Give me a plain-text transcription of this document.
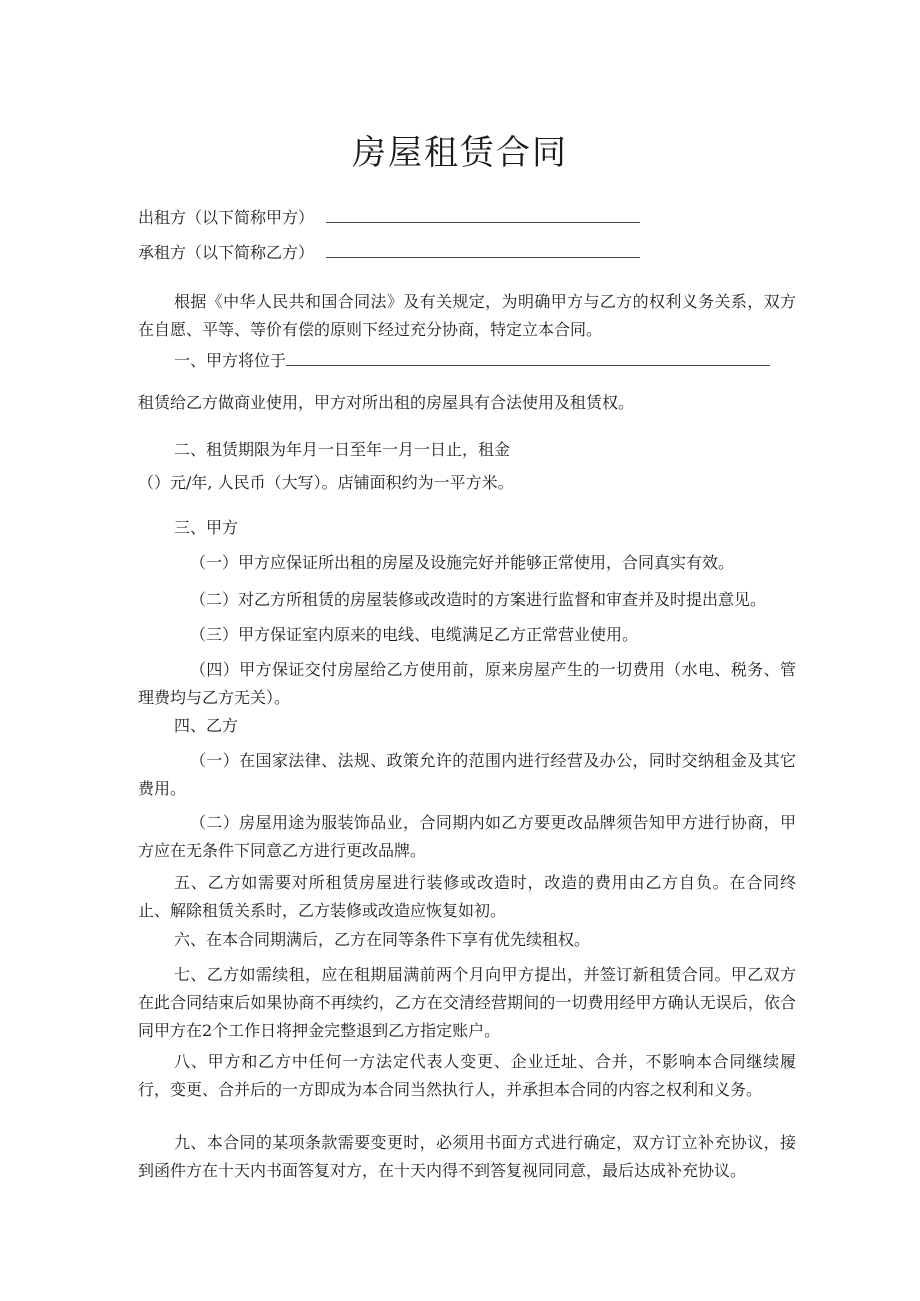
房屋租赁合同
出租方（以下简称甲方）
承租方（以下简称乙方）
根据《中华人民共和国合同法》及有关规定，为明确甲方与乙方的权利义务关系，双方在自愿、平等、等价有偿的原则下经过充分协商，特定立本合同。
一、甲方将位于
租赁给乙方做商业使用，甲方对所出租的房屋具有合法使用及租赁权。
二、租赁期限为年月一日至年一月一日止，租金
（）元/年, 人民币（大写）。店铺面积约为一平方米。
三、甲方
（一）甲方应保证所出租的房屋及设施完好并能够正常使用，合同真实有效。
（二）对乙方所租赁的房屋装修或改造时的方案进行监督和审查并及时提出意见。
（三）甲方保证室内原来的电线、电缆满足乙方正常营业使用。
（四）甲方保证交付房屋给乙方使用前，原来房屋产生的一切费用（水电、税务、管理费均与乙方无关）。
四、乙方
（一）在国家法律、法规、政策允许的范围内进行经营及办公，同时交纳租金及其它费用。
（二）房屋用途为服装饰品业，合同期内如乙方要更改品牌须告知甲方进行协商，甲方应在无条件下同意乙方进行更改品牌。
五、乙方如需要对所租赁房屋进行装修或改造时，改造的费用由乙方自负。在合同终止、解除租赁关系时，乙方装修或改造应恢复如初。
六、在本合同期满后，乙方在同等条件下享有优先续租权。
七、乙方如需续租，应在租期届满前两个月向甲方提出，并签订新租赁合同。甲乙双方在此合同结束后如果协商不再续约，乙方在交清经营期间的一切费用经甲方确认无误后，依合同甲方在2个工作日将押金完整退到乙方指定账户。
八、甲方和乙方中任何一方法定代表人变更、企业迁址、合并，不影响本合同继续履行，变更、合并后的一方即成为本合同当然执行人，并承担本合同的内容之权利和义务。
九、本合同的某项条款需要变更时，必须用书面方式进行确定，双方订立补充协议，接到函件方在十天内书面答复对方，在十天内得不到答复视同同意，最后达成补充协议。
